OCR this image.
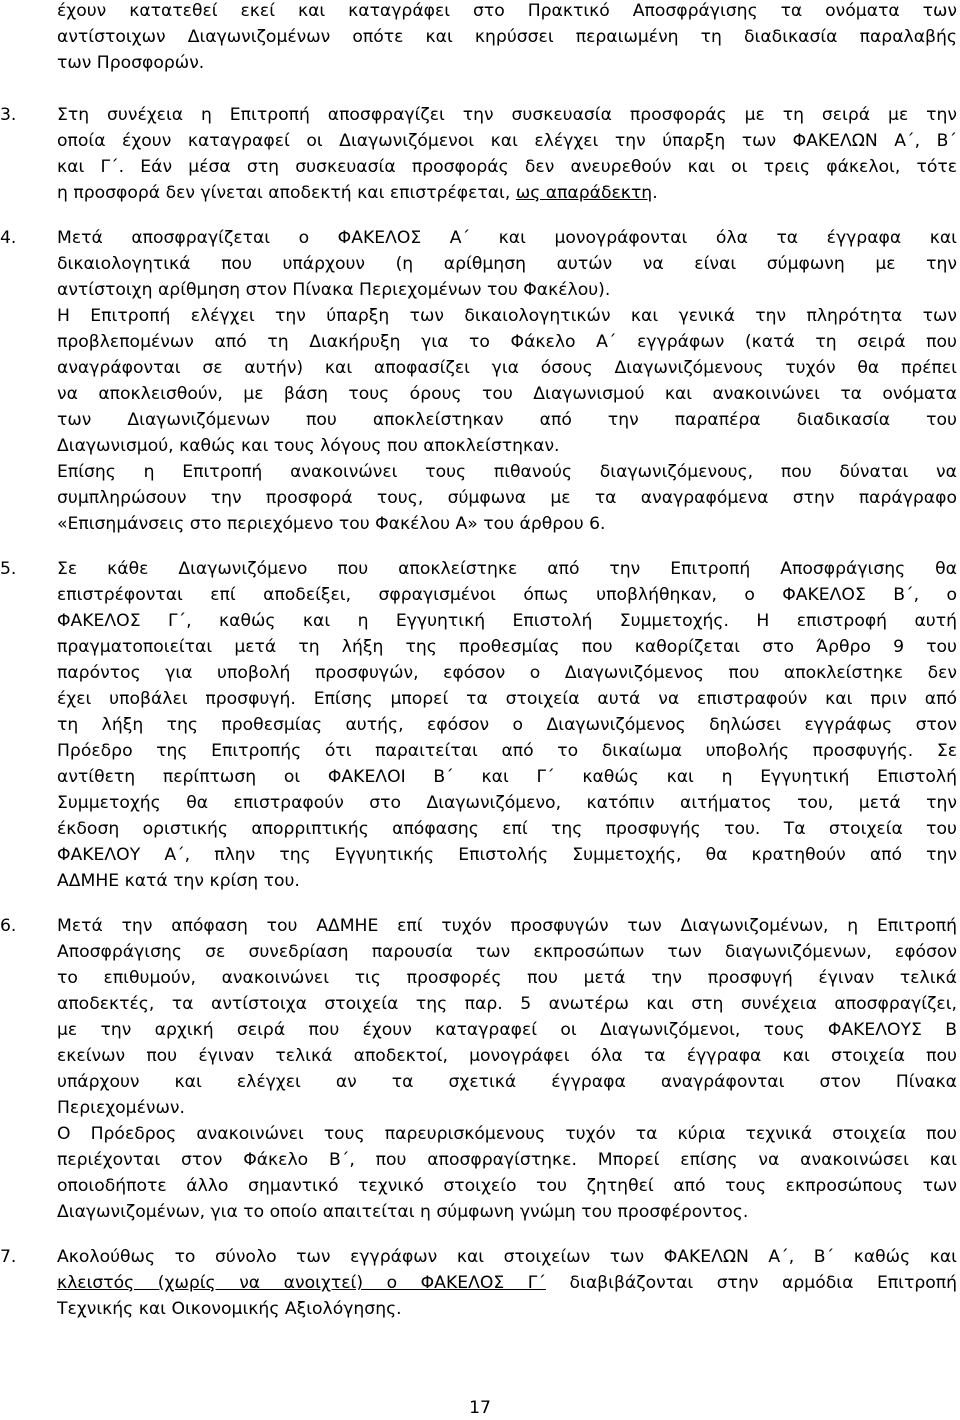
έχουν κατατεθεί εκεί και καταγράφει στο Πρακτικό Αποσφράγισης τα ονόματα των
αντίστοιχων Διαγωνιζομένων οπότε και κηρύσσει περαιωμένη τη διαδικασία παραλαβής
των Προσφορών.
3.	Στη συνέχεια η Επιτροπή αποσφραγίζει την συσκευασία προσφοράς με τη σειρά με την
οποία έχουν καταγραφεί οι Διαγωνιζόμενοι και ελέγχει την ύπαρξη των ΦΑΚΕΛΩΝ Α΄, Β΄
και Γ΄. Εάν μέσα στη συσκευασία προσφοράς δεν ανευρεθούν και οι τρεις φάκελοι, τότε
η προσφορά δεν γίνεται αποδεκτή και επιστρέφεται, ως απαράδεκτη.
4.	Μετά αποσφραγίζεται ο ΦΑΚΕΛΟΣ Α΄ και μονογράφονται όλα τα έγγραφα και
δικαιολογητικά που υπάρχουν (η αρίθμηση αυτών να είναι σύμφωνη με την
αντίστοιχη αρίθμηση στον Πίνακα Περιεχομένων του Φακέλου).
Η Επιτροπή ελέγχει την ύπαρξη των δικαιολογητικών και γενικά την πληρότητα των
προβλεπομένων από τη Διακήρυξη για το Φάκελο Α΄ εγγράφων (κατά τη σειρά που
αναγράφονται σε αυτήν) και αποφασίζει για όσους Διαγωνιζόμενους τυχόν θα πρέπει
να αποκλεισθούν, με βάση τους όρους του Διαγωνισμού και ανακοινώνει τα ονόματα
των Διαγωνιζόμενων που αποκλείστηκαν από την παραπέρα διαδικασία του
Διαγωνισμού, καθώς και τους λόγους που αποκλείστηκαν.
Επίσης η Επιτροπή ανακοινώνει τους πιθανούς διαγωνιζόμενους, που δύναται να
συμπληρώσουν την προσφορά τους, σύμφωνα με τα αναγραφόμενα στην παράγραφο
«Επισημάνσεις στο περιεχόμενο του Φακέλου Α» του άρθρου 6.
5.	Σε κάθε Διαγωνιζόμενο που αποκλείστηκε από την Επιτροπή Αποσφράγισης θα
επιστρέφονται επί αποδείξει, σφραγισμένοι όπως υποβλήθηκαν, ο ΦΑΚΕΛΟΣ Β΄, ο
ΦΑΚΕΛΟΣ Γ΄, καθώς και η Εγγυητική Επιστολή Συμμετοχής. Η επιστροφή αυτή
πραγματοποιείται μετά τη λήξη της προθεσμίας που καθορίζεται στο Άρθρο 9 του
παρόντος για υποβολή προσφυγών, εφόσον ο Διαγωνιζόμενος που αποκλείστηκε δεν
έχει υποβάλει προσφυγή. Επίσης μπορεί τα στοιχεία αυτά να επιστραφούν και πριν από
τη λήξη της προθεσμίας αυτής, εφόσον ο Διαγωνιζόμενος δηλώσει εγγράφως στον
Πρόεδρο της Επιτροπής ότι παραιτείται από το δικαίωμα υποβολής προσφυγής. Σε
αντίθετη περίπτωση οι ΦΑΚΕΛΟΙ Β΄ και Γ΄ καθώς και η Εγγυητική Επιστολή
Συμμετοχής θα επιστραφούν στο Διαγωνιζόμενο, κατόπιν αιτήματος του, μετά την
έκδοση οριστικής απορριπτικής απόφασης επί της προσφυγής του. Τα στοιχεία του
ΦΑΚΕΛΟΥ Α΄, πλην της Εγγυητικής Επιστολής Συμμετοχής, θα κρατηθούν από την
ΑΔΜΗΕ κατά την κρίση του.
6.	Μετά την απόφαση του ΑΔΜΗΕ επί τυχόν προσφυγών των Διαγωνιζομένων, η Επιτροπή
Αποσφράγισης σε συνεδρίαση παρουσία των εκπροσώπων των διαγωνιζόμενων, εφόσον
το επιθυμούν, ανακοινώνει τις προσφορές που μετά την προσφυγή έγιναν τελικά
αποδεκτές, τα αντίστοιχα στοιχεία της παρ. 5 ανωτέρω και στη συνέχεια αποσφραγίζει,
με την αρχική σειρά που έχουν καταγραφεί οι Διαγωνιζόμενοι, τους ΦΑΚΕΛΟΥΣ Β
εκείνων που έγιναν τελικά αποδεκτοί, μονογράφει όλα τα έγγραφα και στοιχεία που
υπάρχουν και ελέγχει αν τα σχετικά έγγραφα αναγράφονται στον Πίνακα
Περιεχομένων.
Ο Πρόεδρος ανακοινώνει τους παρευρισκόμενους τυχόν τα κύρια τεχνικά στοιχεία που
περιέχονται στον Φάκελο Β΄, που αποσφραγίστηκε. Μπορεί επίσης να ανακοινώσει και
οποιοδήποτε άλλο σημαντικό τεχνικό στοιχείο του ζητηθεί από τους εκπροσώπους των
Διαγωνιζομένων, για το οποίο απαιτείται η σύμφωνη γνώμη του προσφέροντος.
7.	Ακολούθως το σύνολο των εγγράφων και στοιχείων των ΦΑΚΕΛΩΝ Α΄, Β΄ καθώς και
κλειστός (χωρίς να ανοιχτεί) ο ΦΑΚΕΛΟΣ Γ΄ διαβιβάζονται στην αρμόδια Επιτροπή
Τεχνικής και Οικονομικής Αξιολόγησης.
17
